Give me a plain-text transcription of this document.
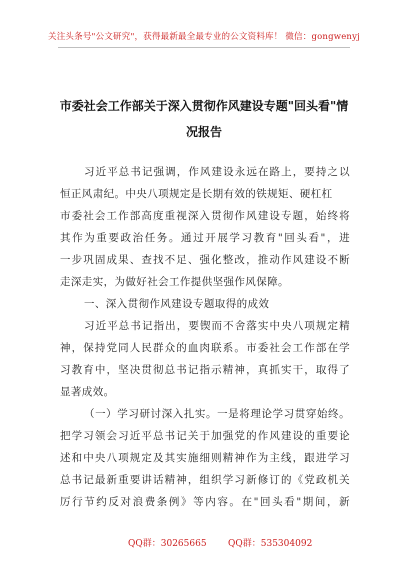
关注头条号"公文研究"，获得最新最全最专业的公文资料库！ 微信：gongwenyj
市委社会工作部关于深入贯彻作风建设专题"回头看"情
况报告
习近平总书记强调，作风建设永远在路上，要持之以
恒正风肃纪。中央八项规定是长期有效的铁规矩、硬杠杠
市委社会工作部高度重视深入贯彻作风建设专题，始终将
其作为重要政治任务。通过开展学习教育"回头看"，进
一步巩固成果、查找不足、强化整改，推动作风建设不断
走深走实，为做好社会工作提供坚强作风保障。
一、深入贯彻作风建设专题取得的成效
习近平总书记指出，要锲而不舍落实中央八项规定精
神，保持党同人民群众的血肉联系。市委社会工作部在学
习教育中，坚决贯彻总书记指示精神，真抓实干，取得了
显著成效。
（一）学习研讨深入扎实。一是将理论学习贯穿始终。
把学习领会习近平总书记关于加强党的作风建设的重要论
述和中央八项规定及其实施细则精神作为主线，跟进学习
总书记最新重要讲话精神，组织学习新修订的《党政机关
厉行节约反对浪费条例》等内容。在"回头看"期间，新
QQ群：30265665 QQ群：535304092
